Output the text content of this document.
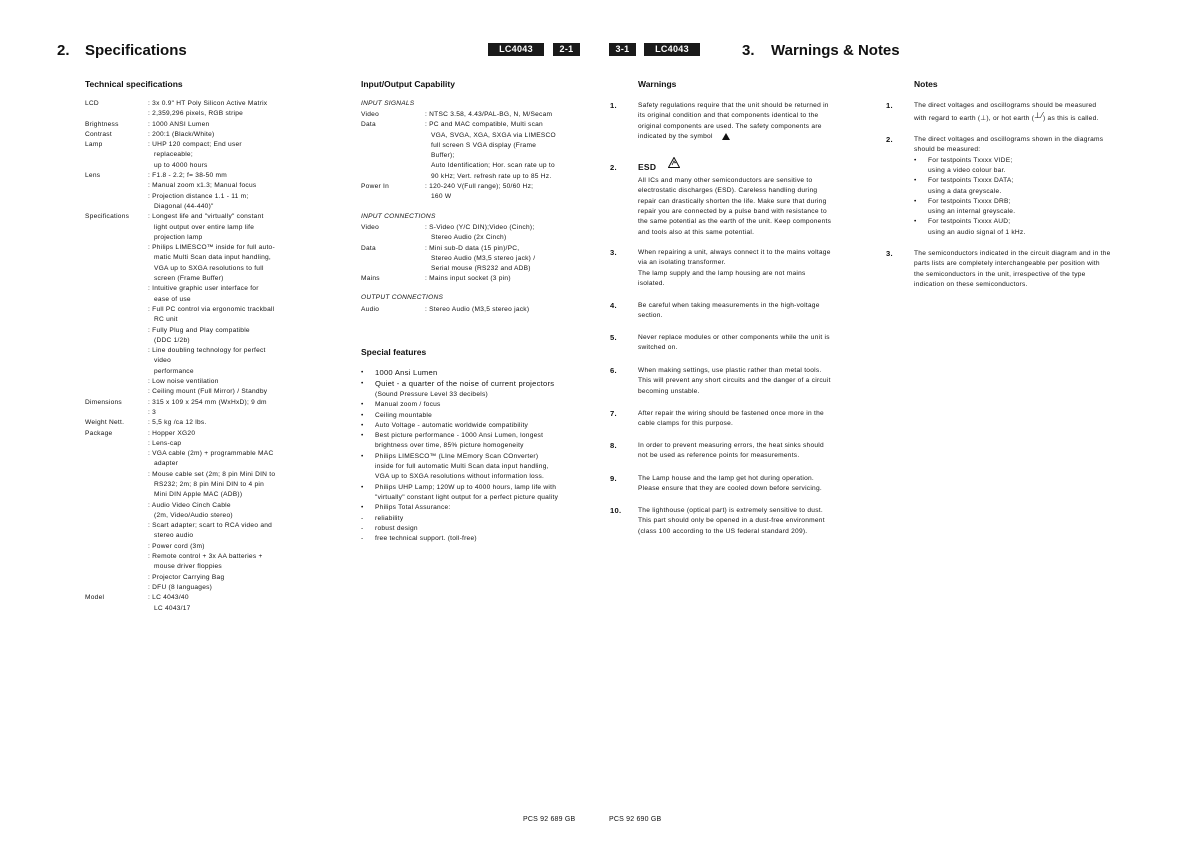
2. Specifications	LC4043	2-1	3-1	LC4043	3. Warnings & Notes
Technical specifications
LCD	: 3x 0.9" HT Poly Silicon Active Matrix
: 2,359,296 pixels, RGB stripe
Brightness	: 1000 ANSI Lumen
Contrast	: 200:1 (Black/White)
Lamp	: UHP 120 compact; End user
replaceable;
up to 4000 hours
Lens	: F1.8 - 2.2; f= 38-50 mm
: Manual zoom x1.3; Manual focus
: Projection distance 1.1 - 11 m;
Diagonal (44-440)"
Specifications	: Longest life and "virtually" constant
light output over entire lamp life
projection lamp
: Philips LIMESCO™ inside for full auto-
matic Multi Scan data input handling,
VGA up to SXGA resolutions to full
screen (Frame Buffer)
: Intuitive graphic user interface for
ease of use
: Full PC control via ergonomic trackball
RC unit
: Fully Plug and Play compatible
(DDC 1/2b)
: Line doubling technology for perfect
video
performance
: Low noise ventilation
: Ceiling mount (Full Mirror) / Standby
Dimensions	: 315 x 109 x 254 mm (WxHxD); 9 dm
: 3
Weight Nett.	: 5,5 kg /ca 12 lbs.
Package	: Hopper XG20
: Lens-cap
: VGA cable (2m) + programmable MAC
adapter
: Mouse cable set (2m; 8 pin Mini DIN to
RS232; 2m; 8 pin Mini DIN to 4 pin
Mini DIN Apple MAC (ADB))
: Audio Video Cinch Cable
(2m, Video/Audio stereo)
: Scart adapter; scart to RCA video and
stereo audio
: Power cord (3m)
: Remote control + 3x AA batteries +
mouse driver floppies
: Projector Carrying Bag
: DFU (8 languages)
Model	: LC 4043/40
LC 4043/17
Input/Output Capability
INPUT SIGNALS
Video	: NTSC 3.58, 4.43/PAL-BG, N, M/Secam
Data	: PC and MAC compatible, Multi scan
VGA, SVGA, XGA, SXGA via LIMESCO
full screen S VGA display (Frame
Buffer);
Auto Identification; Hor. scan rate up to
90 kHz; Vert. refresh rate up to 85 Hz.
Power In	: 120-240 V(Full range); 50/60 Hz;
160 W
INPUT CONNECTIONS
Video	: S-Video (Y/C DIN);Video (Cinch);
Stereo Audio (2x Cinch)
Data	: Mini sub-D data (15 pin)/PC,
Stereo Audio (M3,5 stereo jack) /
Serial mouse (RS232 and ADB)
Mains	: Mains input socket (3 pin)
OUTPUT CONNECTIONS
Audio	: Stereo Audio (M3,5 stereo jack)
Special features
• 1000 Ansi Lumen
• Quiet - a quarter of the noise of current projectors
(Sound Pressure Level 33 decibels)
• Manual zoom / focus
• Ceiling mountable
• Auto Voltage - automatic worldwide compatibility
• Best picture performance - 1000 Ansi Lumen, longest
brightness over time, 85% picture homogeneity
• Philips LIMESCO™ (LIne MEmory Scan COnverter)
inside for full automatic Multi Scan data input handling,
VGA up to SXGA resolutions without information loss.
• Philips UHP Lamp; 120W up to 4000 hours, lamp life with
"virtually" constant light output for a perfect picture quality
• Philips Total Assurance:
- reliability
- robust design
- free technical support. (toll-free)
Warnings
1.	Safety regulations require that the unit should be returned in
its original condition and that components identical to the
original components are used. The safety components are
indicated by the symbol
2. ESD
All ICs and many other semiconductors are sensitive to
electrostatic discharges (ESD). Careless handling during
repair can drastically shorten the life. Make sure that during
repair you are connected by a pulse band with resistance to
the same potential as the earth of the unit. Keep components
and tools also at this same potential.
3.	When repairing a unit, always connect it to the mains voltage
via an isolating transformer.
The lamp supply and the lamp housing are not mains
isolated.
4.	Be careful when taking measurements in the high-voltage
section.
5.	Never replace modules or other components while the unit is
switched on.
6.	When making settings, use plastic rather than metal tools.
This will prevent any short circuits and the danger of a circuit
becoming unstable.
7.	After repair the wiring should be fastened once more in the
cable clamps for this purpose.
8.	In order to prevent measuring errors, the heat sinks should
not be used as reference points for measurements.
9.	The Lamp house and the lamp get hot during operation.
Please ensure that they are cooled down before servicing.
10.	The lighthouse (optical part) is extremely sensitive to dust.
This part should only be opened in a dust-free environment
(class 100 according to the US federal standard 209).
Notes
1.	The direct voltages and oscillograms should be measured
with regard to earth (⊥), or hot earth (⊥⁄) as this is called.
2.	The direct voltages and oscillograms shown in the diagrams
should be measured:
• For testpoints Txxxx VIDE;
using a video colour bar.
• For testpoints Txxxx DATA;
using a data greyscale.
• For testpoints Txxxx DRB;
using an internal greyscale.
• For testpoints Txxxx AUD;
using an audio signal of 1 kHz.
3.	The semiconductors indicated in the circuit diagram and in the
parts lists are completely interchangeable per position with
the semiconductors in the unit, irrespective of the type
indication on these semiconductors.
PCS 92 689 GB	PCS 92 690 GB
